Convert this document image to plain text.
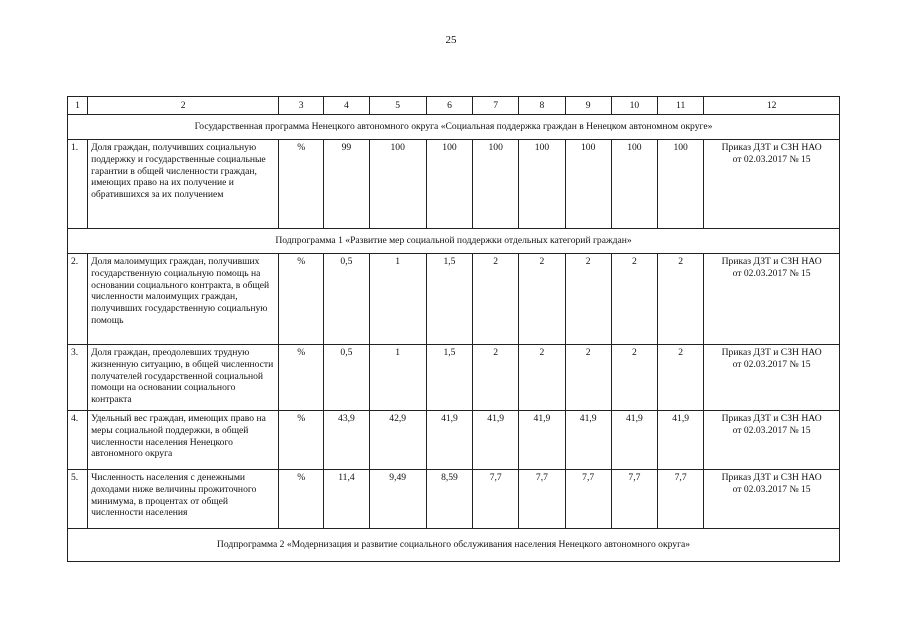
25
1	2	3	4	5	6	7	8	9	10	11	12
Государственная программа Ненецкого автономного округа «Социальная поддержка граждан в Ненецком автономном округе»											
1.	Доля граждан, получивших социальную поддержку и государственные социальные гарантии в общей численности граждан, имеющих право на их получение и обратившихся за их получением	%	99	100	100	100	100	100	100	100	Приказ ДЗТ и СЗН НАО
от 02.03.2017 № 15

Подпрограмма 1 «Развитие мер социальной поддержки отдельных категорий граждан»											
2.	Доля малоимущих граждан, получивших государственную социальную помощь на основании социального контракта, в общей численности малоимущих граждан, получивших государственную социальную помощь	%	0,5	1	1,5	2	2	2	2	2	Приказ ДЗТ и СЗН НАО
от 02.03.2017 № 15

3.	Доля граждан, преодолевших трудную жизненную ситуацию, в общей численности получателей государственной социальной помощи на основании социального контракта	%	0,5	1	1,5	2	2	2	2	2	Приказ ДЗТ и СЗН НАО
от 02.03.2017 № 15

4.	Удельный вес граждан, имеющих право на меры социальной поддержки, в общей численности населения Ненецкого автономного округа	%	43,9	42,9	41,9	41,9	41,9	41,9	41,9	41,9	Приказ ДЗТ и СЗН НАО
от 02.03.2017 № 15

5.	Численность населения с денежными доходами ниже величины прожиточного минимума, в процентах от общей численности населения	%	11,4	9,49	8,59	7,7	7,7	7,7	7,7	7,7	Приказ ДЗТ и СЗН НАО
от 02.03.2017 № 15

Подпрограмма 2 «Модернизация и развитие социального обслуживания населения Ненецкого автономного округа»											
